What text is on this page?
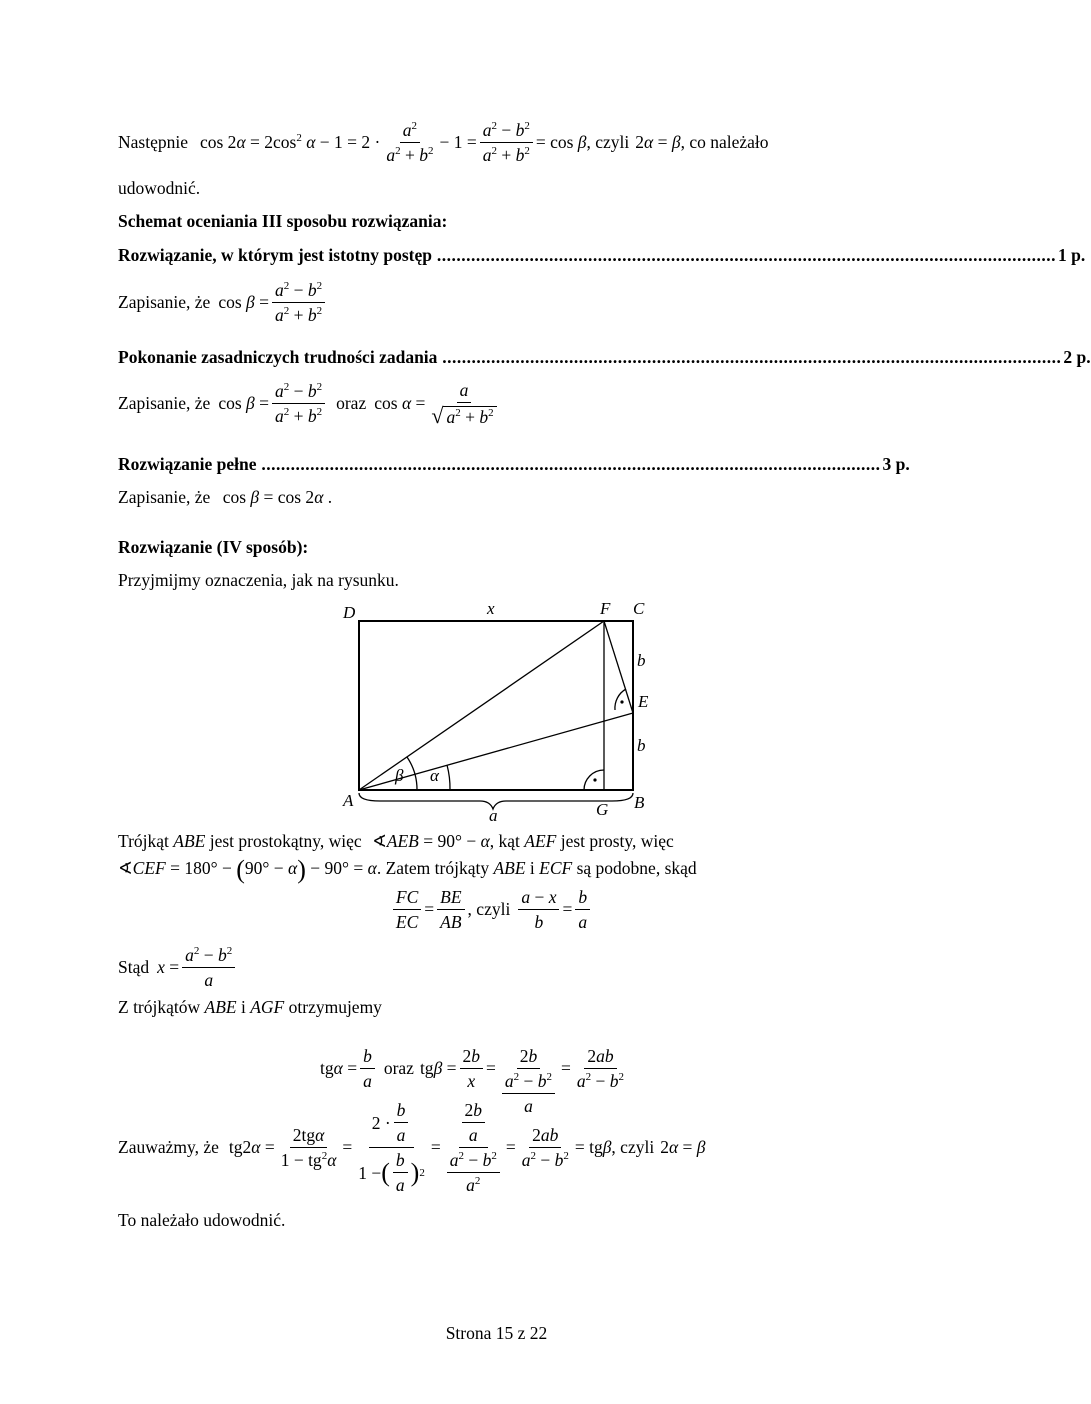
Następnie $\cos 2\alpha = 2\cos^2$ $\alpha - 1 = 2 \cdot \frac{a^2}{a^2 + b^2} - 1 = \frac{a^2 - b^2}{a^2 + b^2} = \cos \beta$ , czyli 2α = β , co należało
udowodnić.
Schemat oceniania III sposobu rozwiązania:
Rozwiązanie, w którym jest istotny postęp ............................................................................................................................... 1 p.
Zapisanie, że $\cos \beta = \frac{a^2 - b^2}{a^2 + b^2}$
Pokonanie zasadniczych trudności zadania ............................................................................................................................... 2 p.
Zapisanie, że $\cos \beta = \frac{a^2 - b^2}{a^2 + b^2}$ oraz $\cos \alpha = \frac{a}{√ a^2 + b^2}$
Rozwiązanie pełne ............................................................................................................................... 3 p.
Zapisanie, że cos β = cos 2α .
Rozwiązanie (IV sposób):
Przyjmijmy oznaczenia, jak na rysunku.
D	x	F C
b
E
b
β α
A	B
G
a
Trójkąt ABE jest prostokątny, więc ∢AEB = 90° − α, kąt AEF jest prosty, więc
∢CEF = 180° − (90° − α) − 90° = α. Zatem trójkąty ABE i ECF są podobne, skąd
$\frac{FC}{EC} = \frac{BE}{AB}$ , czyli $\frac{a - x}{b} = \frac{b}{a}$
Stąd $x = \frac{a^2 - b^2}{a}$
Z trójkątów ABE i AGF otrzymujemy
$tg\alpha = \frac{b}{a}$ oraz $tg\beta = \frac{2b}{x} = \frac{2b}{\frac{a^2 - b^2}{a}} = \frac{2ab}{a^2 - b^2}$
Zauważmy, że $tg2\alpha = \frac{\text{2tgα}}{1 - tg^2\alpha} = \frac{2 \cdot \frac{b}{a}}{1 - ( \frac{b}{a} ) 2} = \frac{\frac{2b}{a}}{\frac{a^2 - b^2}{a^2}} = \frac{2ab}{a^2 - b^2} = tg\beta$ , czyli 2α = β
To należało udowodnić.
Strona 15 z 22
